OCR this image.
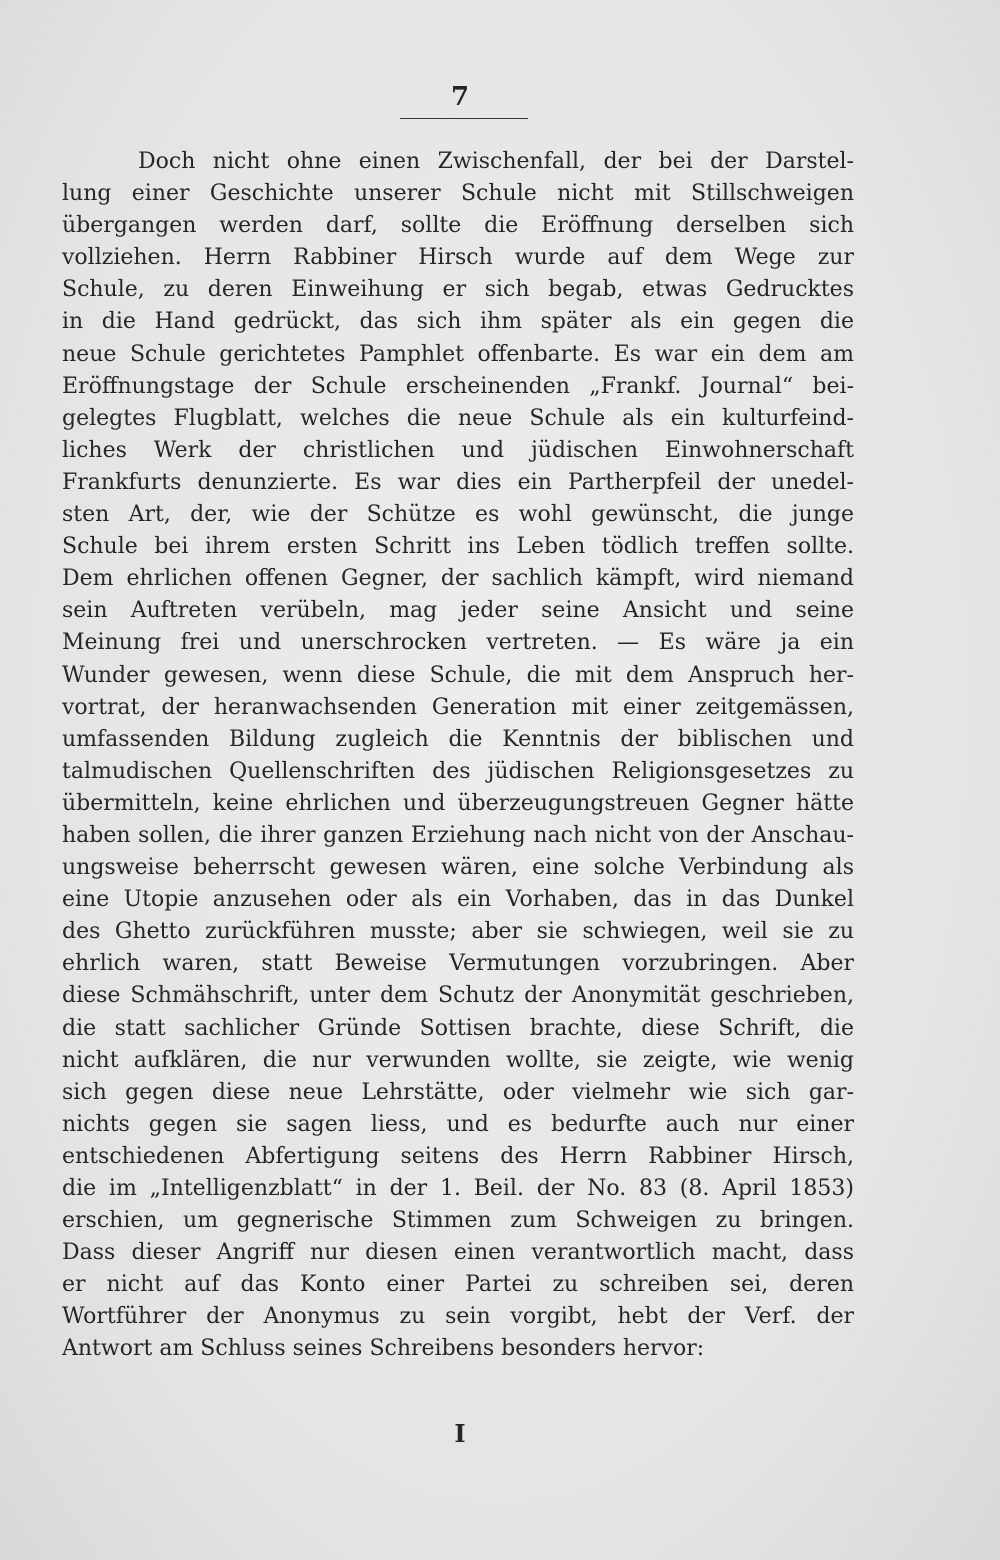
7
Doch nicht ohne einen Zwischenfall, der bei der Darstel-
lung einer Geschichte unserer Schule nicht mit Stillschweigen
übergangen werden darf, sollte die Eröffnung derselben sich
vollziehen. Herrn Rabbiner Hirsch wurde auf dem Wege zur
Schule, zu deren Einweihung er sich begab, etwas Gedrucktes
in die Hand gedrückt, das sich ihm später als ein gegen die
neue Schule gerichtetes Pamphlet offenbarte. Es war ein dem am
Eröffnungstage der Schule erscheinenden „Frankf. Journal“ bei-
gelegtes Flugblatt, welches die neue Schule als ein kulturfeind-
liches Werk der christlichen und jüdischen Einwohnerschaft
Frankfurts denunzierte. Es war dies ein Partherpfeil der unedel-
sten Art, der, wie der Schütze es wohl gewünscht, die junge
Schule bei ihrem ersten Schritt ins Leben tödlich treffen sollte.
Dem ehrlichen offenen Gegner, der sachlich kämpft, wird niemand
sein Auftreten verübeln, mag jeder seine Ansicht und seine
Meinung frei und unerschrocken vertreten. — Es wäre ja ein
Wunder gewesen, wenn diese Schule, die mit dem Anspruch her-
vortrat, der heranwachsenden Generation mit einer zeitgemässen,
umfassenden Bildung zugleich die Kenntnis der biblischen und
talmudischen Quellenschriften des jüdischen Religionsgesetzes zu
übermitteln, keine ehrlichen und überzeugungstreuen Gegner hätte
haben sollen, die ihrer ganzen Erziehung nach nicht von der Anschau-
ungsweise beherrscht gewesen wären, eine solche Verbindung als
eine Utopie anzusehen oder als ein Vorhaben, das in das Dunkel
des Ghetto zurückführen musste; aber sie schwiegen, weil sie zu
ehrlich waren, statt Beweise Vermutungen vorzubringen. Aber
diese Schmähschrift, unter dem Schutz der Anonymität geschrieben,
die statt sachlicher Gründe Sottisen brachte, diese Schrift, die
nicht aufklären, die nur verwunden wollte, sie zeigte, wie wenig
sich gegen diese neue Lehrstätte, oder vielmehr wie sich gar-
nichts gegen sie sagen liess, und es bedurfte auch nur einer
entschiedenen Abfertigung seitens des Herrn Rabbiner Hirsch,
die im „Intelligenzblatt“ in der 1. Beil. der No. 83 (8. April 1853)
erschien, um gegnerische Stimmen zum Schweigen zu bringen.
Dass dieser Angriff nur diesen einen verantwortlich macht, dass
er nicht auf das Konto einer Partei zu schreiben sei, deren
Wortführer der Anonymus zu sein vorgibt, hebt der Verf. der
Antwort am Schluss seines Schreibens besonders hervor:
I
